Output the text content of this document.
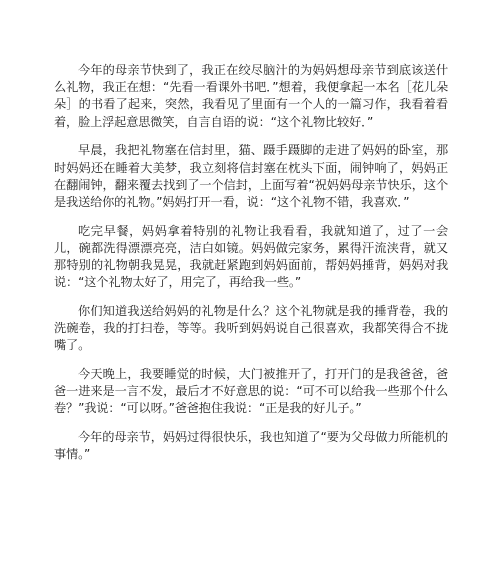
今年的母亲节快到了，我正在绞尽脑汁的为妈妈想母亲节到底该送什么礼物，我正在想：“先看一看课外书吧．”想着，我便拿起一本名［花儿朵朵］的书看了起来，突然，我看见了里面有一个人的一篇习作，我看着看着，脸上浮起意思微笑，自言自语的说：“这个礼物比较好．”

早晨，我把礼物塞在信封里，猫、蹑手蹑脚的走进了妈妈的卧室，那时妈妈还在睡着大美梦，我立刻将信封塞在枕头下面，闹钟响了，妈妈正在翻闹钟，翻来覆去找到了一个信封，上面写着“祝妈妈母亲节快乐，这个是我送给你的礼物。”妈妈打开一看，说：“这个礼物不错，我喜欢．”

吃完早餐，妈妈拿着特别的礼物让我看看，我就知道了，过了一会儿，碗都洗得漂漂亮亮，洁白如镜。妈妈做完家务，累得汗流浃背，就又那特别的礼物朝我晃晃，我就赶紧跑到妈妈面前，帮妈妈捶背，妈妈对我说：“这个礼物太好了，用完了，再给我一些。”

你们知道我送给妈妈的礼物是什么？这个礼物就是我的捶背卷，我的洗碗卷，我的打扫卷，等等。我听到妈妈说自己很喜欢，我都笑得合不拢嘴了。

今天晚上，我要睡觉的时候，大门被推开了，打开门的是我爸爸，爸爸一进来是一言不发，最后才不好意思的说：“可不可以给我一些那个什么卷？”我说：“可以呀。”爸爸抱住我说：“正是我的好儿子。”

今年的母亲节，妈妈过得很快乐，我也知道了“要为父母做力所能机的事情。”
